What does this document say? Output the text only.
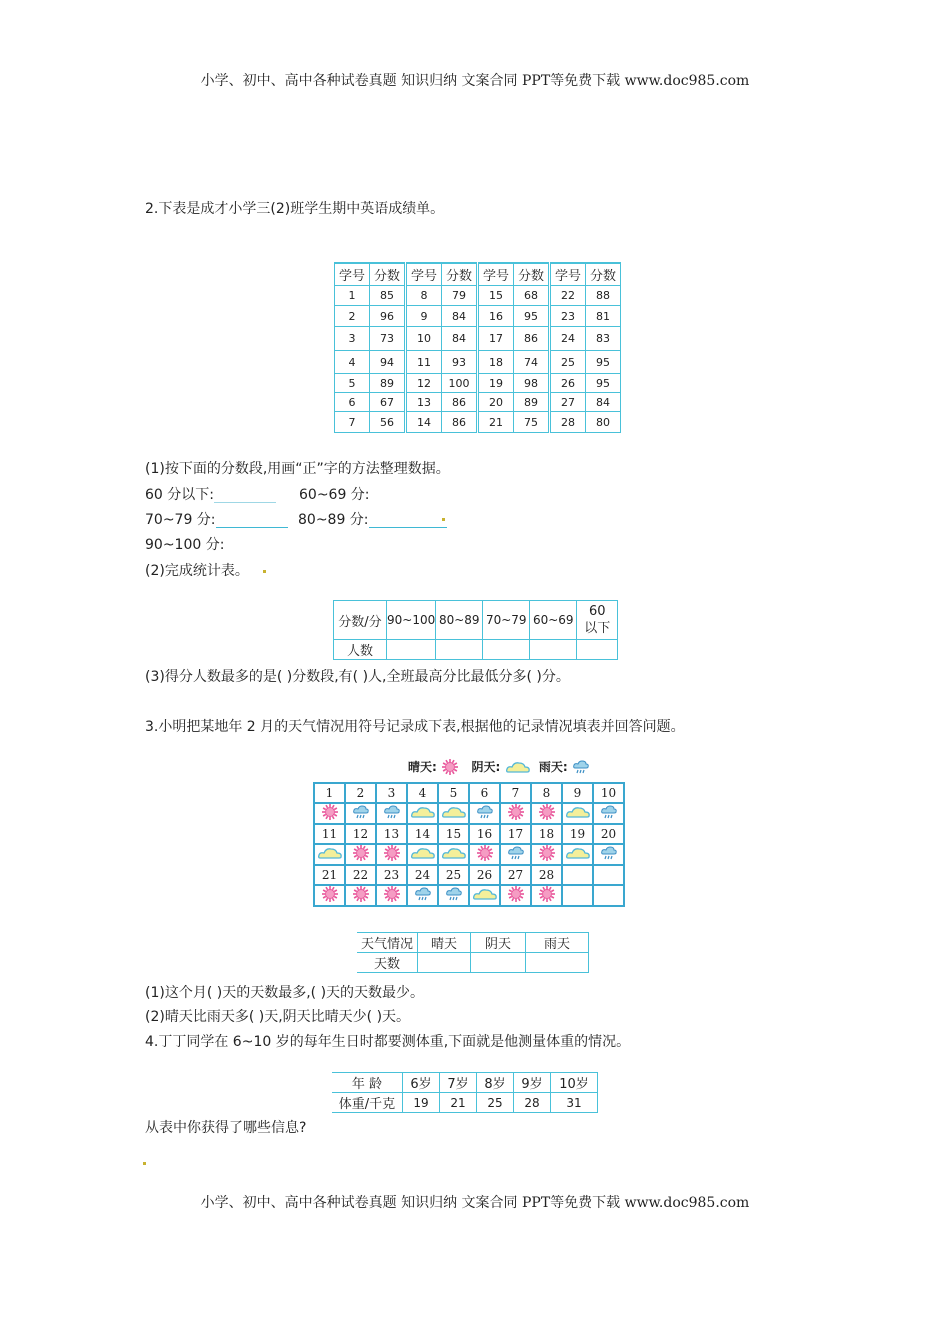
小学、初中、高中各种试卷真题 知识归纳 文案合同 PPT等免费下载 www.doc985.com
2.下表是成才小学三(2)班学生期中英语成绩单。
学号	分数	学号	分数	学号	分数	学号	分数
1	85	8	79	15	68	22	88
2	96	9	84	16	95	23	81
3	73	10	84	17	86	24	83
4	94	11	93	18	74	25	95
5	89	12	100	19	98	26	95
6	67	13	86	20	89	27	84
7	56	14	86	21	75	28	80
(1)按下面的分数段,用画“正”字的方法整理数据。
60 分以下:	60~69 分:
70~79 分:	80~89 分:
90~100 分:
(2)完成统计表。
分数/分	90~100	80~89	70~79	60~69	60
以下
人数					
(3)得分人数最多的是( )分数段,有( )人,全班最高分比最低分多( )分。
3.小明把某地年 2 月的天气情况用符号记录成下表,根据他的记录情况填表并回答问题。
晴天:	阴天:	雨天:
1	2	3	4	5	6	7	8	9	10

11	12	13	14	15	16	17	18	19	20

21	22	23	24	25	26	27	28		

天气情况	晴天	阴天	雨天
天数			
(1)这个月( )天的天数最多,( )天的天数最少。
(2)晴天比雨天多( )天,阴天比晴天少( )天。
4.丁丁同学在 6~10 岁的每年生日时都要测体重,下面就是他测量体重的情况。
年 龄	6岁	7岁	8岁	9岁	10岁
体重/千克	19	21	25	28	31
从表中你获得了哪些信息?
小学、初中、高中各种试卷真题 知识归纳 文案合同 PPT等免费下载 www.doc985.com
